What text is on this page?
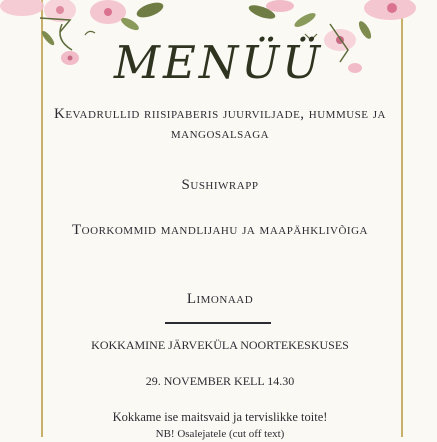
MENÜÜ
Kevadrullid riisipaberis juurviljade, hummuse ja mangosalsaga
Sushiwrapp
Toorkommid mandlijahu ja maapähklivõiga
Limonaad
KOKKAMINE JÄRVEKÜLA NOORTEKESKUSES
29. NOVEMBER KELL 14.30
Kokkame ise maitsvaid ja tervislikke toite!
NB! Osalejatele (cut off text)
